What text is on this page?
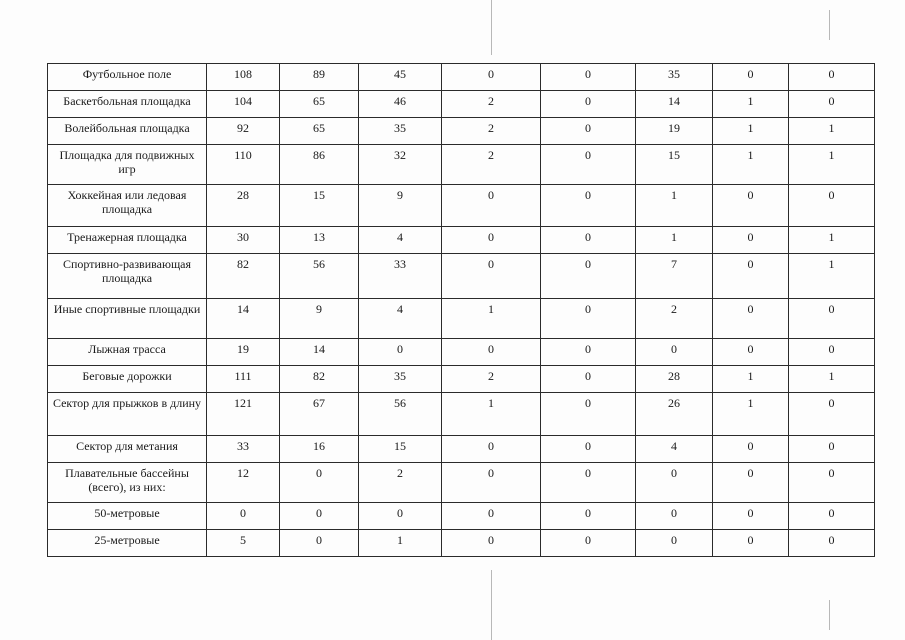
Футбольное поле	108	89	45	0	0	35	0	0
Баскетбольная площадка	104	65	46	2	0	14	1	0
Волейбольная площадка	92	65	35	2	0	19	1	1
Площадка для подвижных игр	110	86	32	2	0	15	1	1
Хоккейная или ледовая площадка	28	15	9	0	0	1	0	0
Тренажерная площадка	30	13	4	0	0	1	0	1
Спортивно-развивающая площадка	82	56	33	0	0	7	0	1
Иные спортивные площадки	14	9	4	1	0	2	0	0
Лыжная трасса	19	14	0	0	0	0	0	0
Беговые дорожки	111	82	35	2	0	28	1	1
Сектор для прыжков в длину	121	67	56	1	0	26	1	0
Сектор для метания	33	16	15	0	0	4	0	0
Плавательные бассейны (всего), из них:	12	0	2	0	0	0	0	0
50-метровые	0	0	0	0	0	0	0	0
25-метровые	5	0	1	0	0	0	0	0
